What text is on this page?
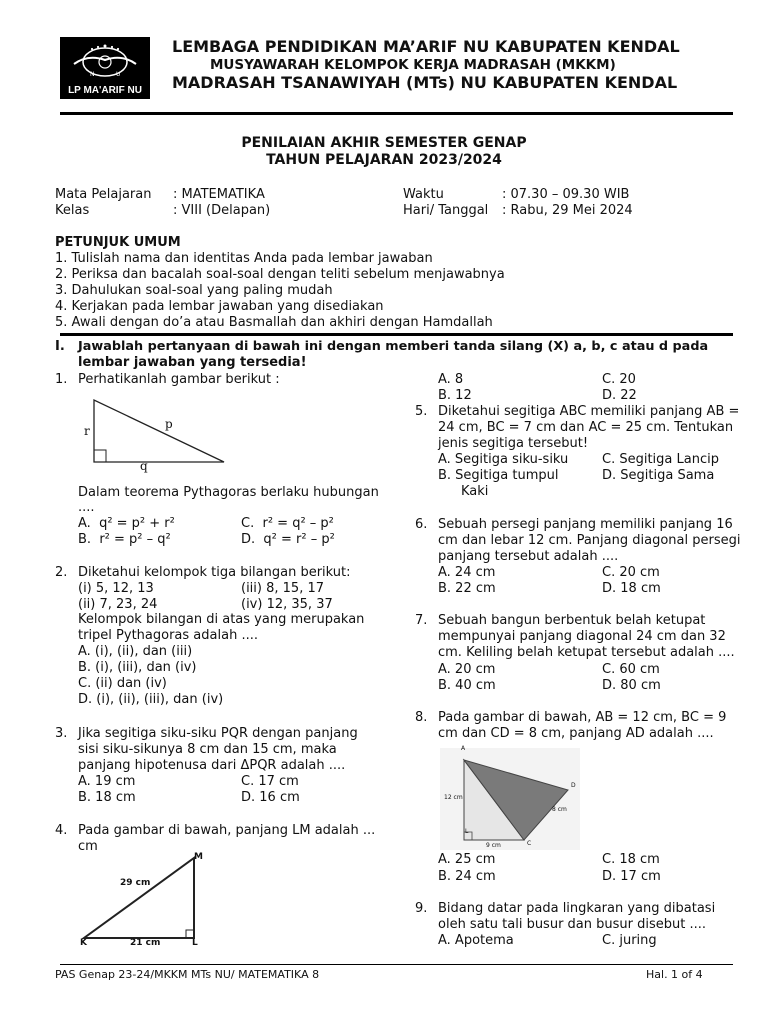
N	U
LP MA'ARIF NU
LEMBAGA PENDIDIKAN MA’ARIF NU KABUPATEN KENDAL
MUSYAWARAH KELOMPOK KERJA MADRASAH (MKKM)
MADRASAH TSANAWIYAH (MTs) NU KABUPATEN KENDAL
PENILAIAN AKHIR SEMESTER GENAP
TAHUN PELAJARAN 2023/2024
Mata Pelajaran : MATEMATIKA
Kelas	: VIII (Delapan)
Waktu	: 07.30 – 09.30 WIB
Hari/ Tanggal : Rabu, 29 Mei 2024
PETUNJUK UMUM
1. Tulislah nama dan identitas Anda pada lembar jawaban
2. Periksa dan bacalah soal-soal dengan teliti sebelum menjawabnya
3. Dahulukan soal-soal yang paling mudah
4. Kerjakan pada lembar jawaban yang disediakan
5. Awali dengan do’a atau Basmallah dan akhiri dengan Hamdallah
I. Jawablah pertanyaan di bawah ini dengan memberi tanda silang (X) a, b, c atau d pada
lembar jawaban yang tersedia!
1. Perhatikanlah gambar berikut :
r	p
q
Dalam teorema Pythagoras berlaku hubungan
....
A. q² = p² + r²	C. r² = q² – p²
B. r² = p² – q²	D. q² = r² – p²
2. Diketahui kelompok tiga bilangan berikut:
(i) 5, 12, 13	(iii) 8, 15, 17
(ii) 7, 23, 24	(iv) 12, 35, 37
Kelompok bilangan di atas yang merupakan
tripel Pythagoras adalah ....
A. (i), (ii), dan (iii)
B. (i), (iii), dan (iv)
C. (ii) dan (iv)
D. (i), (ii), (iii), dan (iv)
3. Jika segitiga siku-siku PQR dengan panjang
sisi siku-sikunya 8 cm dan 15 cm, maka
panjang hipotenusa dari ΔPQR adalah ....
A. 19 cm	C. 17 cm
B. 18 cm	D. 16 cm
4. Pada gambar di bawah, panjang LM adalah ...
cm
M
K	L
29 cm
21 cm
A. 8	C. 20
B. 12	D. 22
5. Diketahui segitiga ABC memiliki panjang AB =
24 cm, BC = 7 cm dan AC = 25 cm. Tentukan
jenis segitiga tersebut!
A. Segitiga siku-siku	C. Segitiga Lancip
B. Segitiga tumpul	D. Segitiga Sama
Kaki
6. Sebuah persegi panjang memiliki panjang 16
cm dan lebar 12 cm. Panjang diagonal persegi
panjang tersebut adalah ....
A. 24 cm	C. 20 cm
B. 22 cm	D. 18 cm
7. Sebuah bangun berbentuk belah ketupat
mempunyai panjang diagonal 24 cm dan 32
cm. Keliling belah ketupat tersebut adalah ....
A. 20 cm	C. 60 cm
B. 40 cm	D. 80 cm
8. Pada gambar di bawah, AB = 12 cm, BC = 9
cm dan CD = 8 cm, panjang AD adalah ....
A
D
L
C
12 cm
8 cm
9 cm
A. 25 cm	C. 18 cm
B. 24 cm	D. 17 cm
9. Bidang datar pada lingkaran yang dibatasi
oleh satu tali busur dan busur disebut ....
A. Apotema	C. juring
PAS Genap 23-24/MKKM MTs NU/ MATEMATIKA 8	Hal. 1 of 4
